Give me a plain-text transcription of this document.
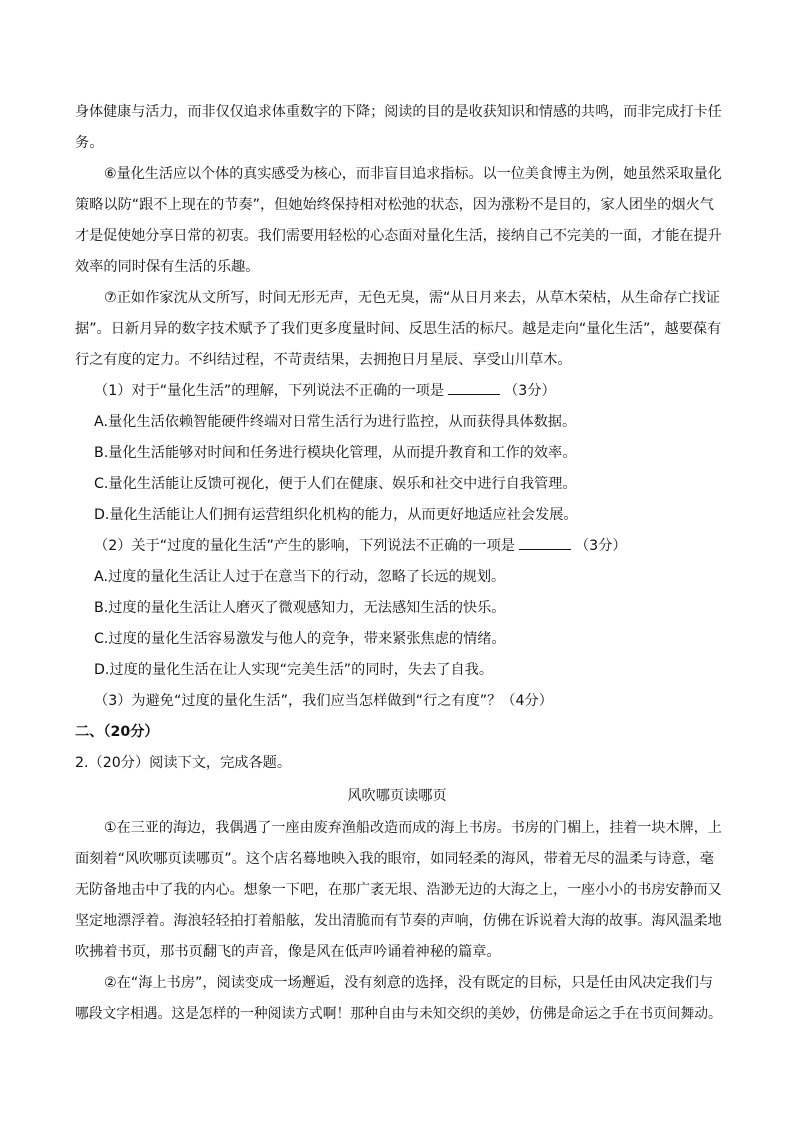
身体健康与活力，而非仅仅追求体重数字的下降；阅读的目的是收获知识和情感的共鸣，而非完成打卡任
务。
⑥量化生活应以个体的真实感受为核心，而非盲目追求指标。以一位美食博主为例，她虽然采取量化
策略以防“跟不上现在的节奏”，但她始终保持相对松弛的状态，因为涨粉不是目的，家人团坐的烟火气
才是促使她分享日常的初衷。我们需要用轻松的心态面对量化生活，接纳自己不完美的一面，才能在提升
效率的同时保有生活的乐趣。
⑦正如作家沈从文所写，时间无形无声，无色无臭，需“从日月来去，从草木荣枯，从生命存亡找证
据”。日新月异的数字技术赋予了我们更多度量时间、反思生活的标尺。越是走向“量化生活”，越要葆有
行之有度的定力。不纠结过程，不苛责结果，去拥抱日月星辰、享受山川草木。
（1）对于“量化生活”的理解，下列说法不正确的一项是	（3分）
A.量化生活依赖智能硬件终端对日常生活行为进行监控，从而获得具体数据。
B.量化生活能够对时间和任务进行模块化管理，从而提升教育和工作的效率。
C.量化生活能让反馈可视化，便于人们在健康、娱乐和社交中进行自我管理。
D.量化生活能让人们拥有运营组织化机构的能力，从而更好地适应社会发展。
（2）关于“过度的量化生活”产生的影响，下列说法不正确的一项是	（3分）
A.过度的量化生活让人过于在意当下的行动，忽略了长远的规划。
B.过度的量化生活让人磨灭了微观感知力，无法感知生活的快乐。
C.过度的量化生活容易激发与他人的竞争，带来紧张焦虑的情绪。
D.过度的量化生活在让人实现“完美生活”的同时，失去了自我。
（3）为避免“过度的量化生活”，我们应当怎样做到“行之有度”？（4分）
二、（20分）
2.（20分）阅读下文，完成各题。
风吹哪页读哪页
①在三亚的海边，我偶遇了一座由废弃渔船改造而成的海上书房。书房的门楣上，挂着一块木牌，上
面刻着“风吹哪页读哪页”。这个店名蓦地映入我的眼帘，如同轻柔的海风，带着无尽的温柔与诗意，毫
无防备地击中了我的内心。想象一下吧，在那广袤无垠、浩渺无边的大海之上，一座小小的书房安静而又
坚定地漂浮着。海浪轻轻拍打着船舷，发出清脆而有节奏的声响，仿佛在诉说着大海的故事。海风温柔地
吹拂着书页，那书页翻飞的声音，像是风在低声吟诵着神秘的篇章。
②在“海上书房”，阅读变成一场邂逅，没有刻意的选择，没有既定的目标，只是任由风决定我们与
哪段文字相遇。这是怎样的一种阅读方式啊！那种自由与未知交织的美妙，仿佛是命运之手在书页间舞动。
